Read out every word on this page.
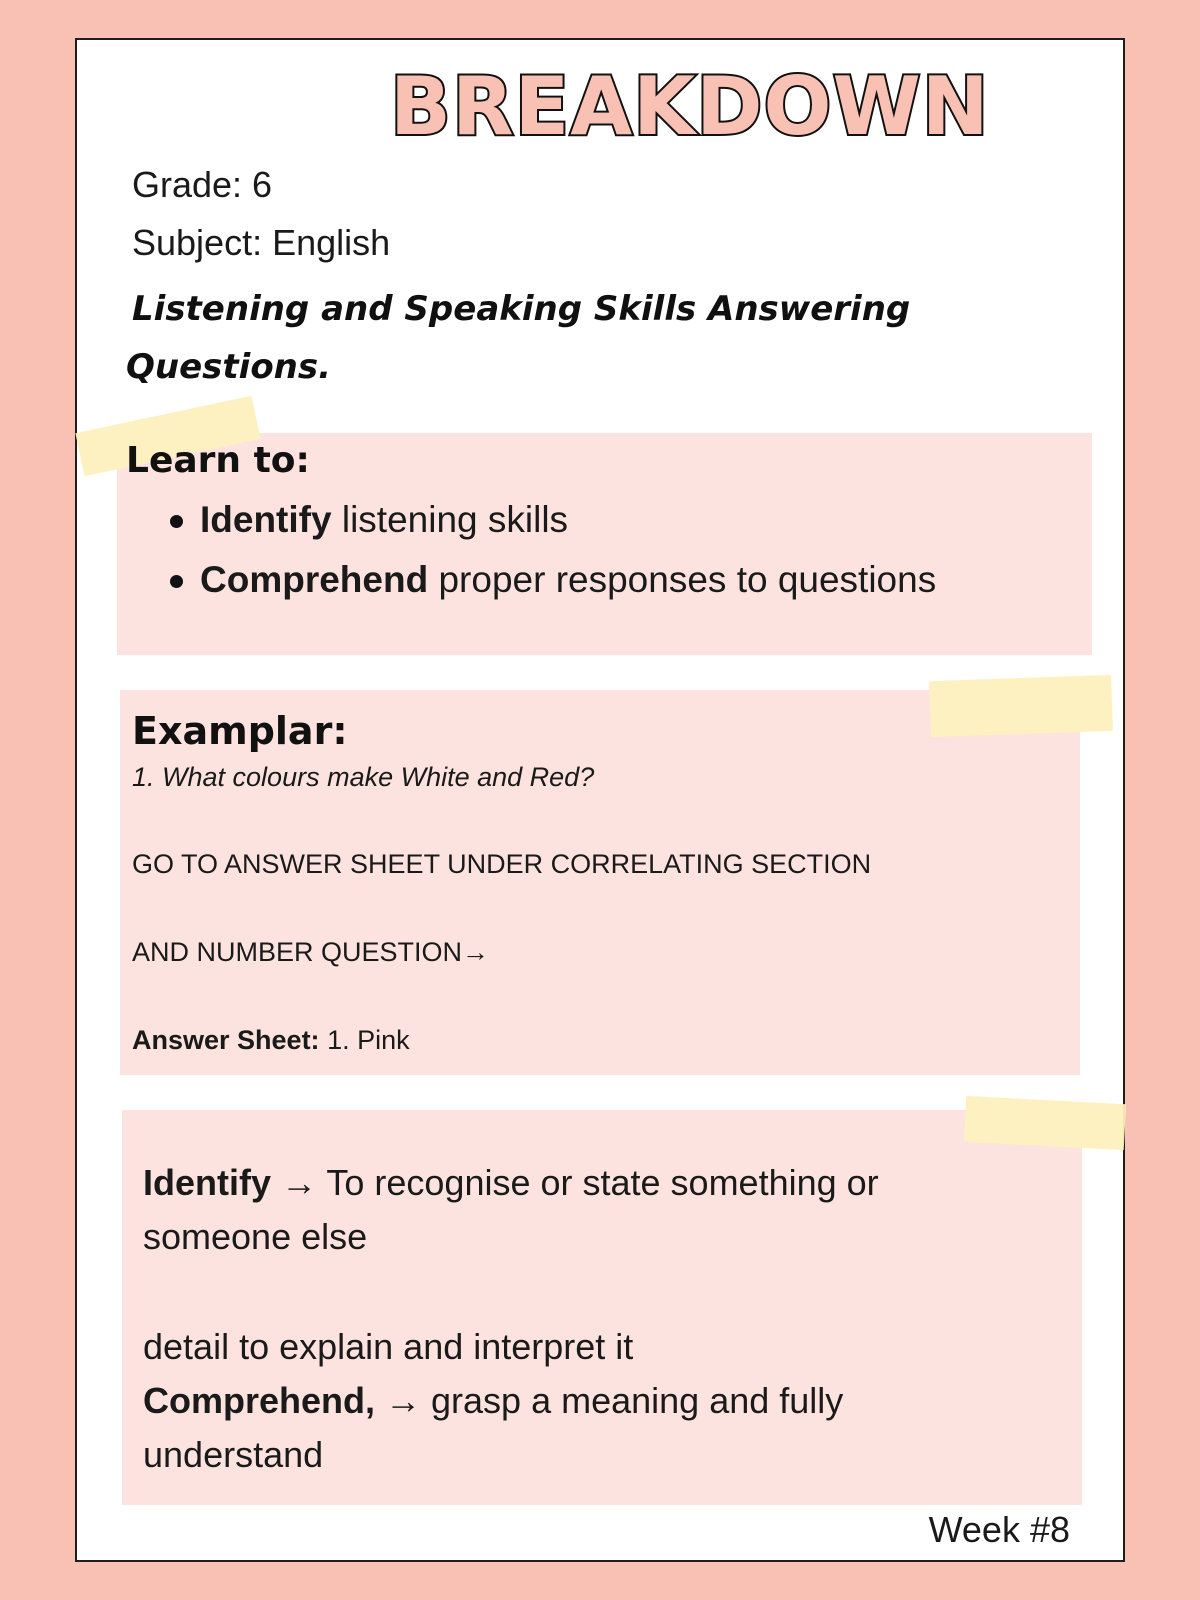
BREAKDOWN
Grade: 6
Subject: English
Listening and Speaking Skills Answering
Questions.
Learn to:
Identify listening skills
Comprehend proper responses to questions
Examplar:
1. What colours make White and Red?
GO TO ANSWER SHEET UNDER CORRELATING SECTION
AND NUMBER QUESTION→
Answer Sheet: 1. Pink
Identify → To recognise or state something or
someone else
detail to explain and interpret it
Comprehend, → grasp a meaning and fully
understand
Week #8
